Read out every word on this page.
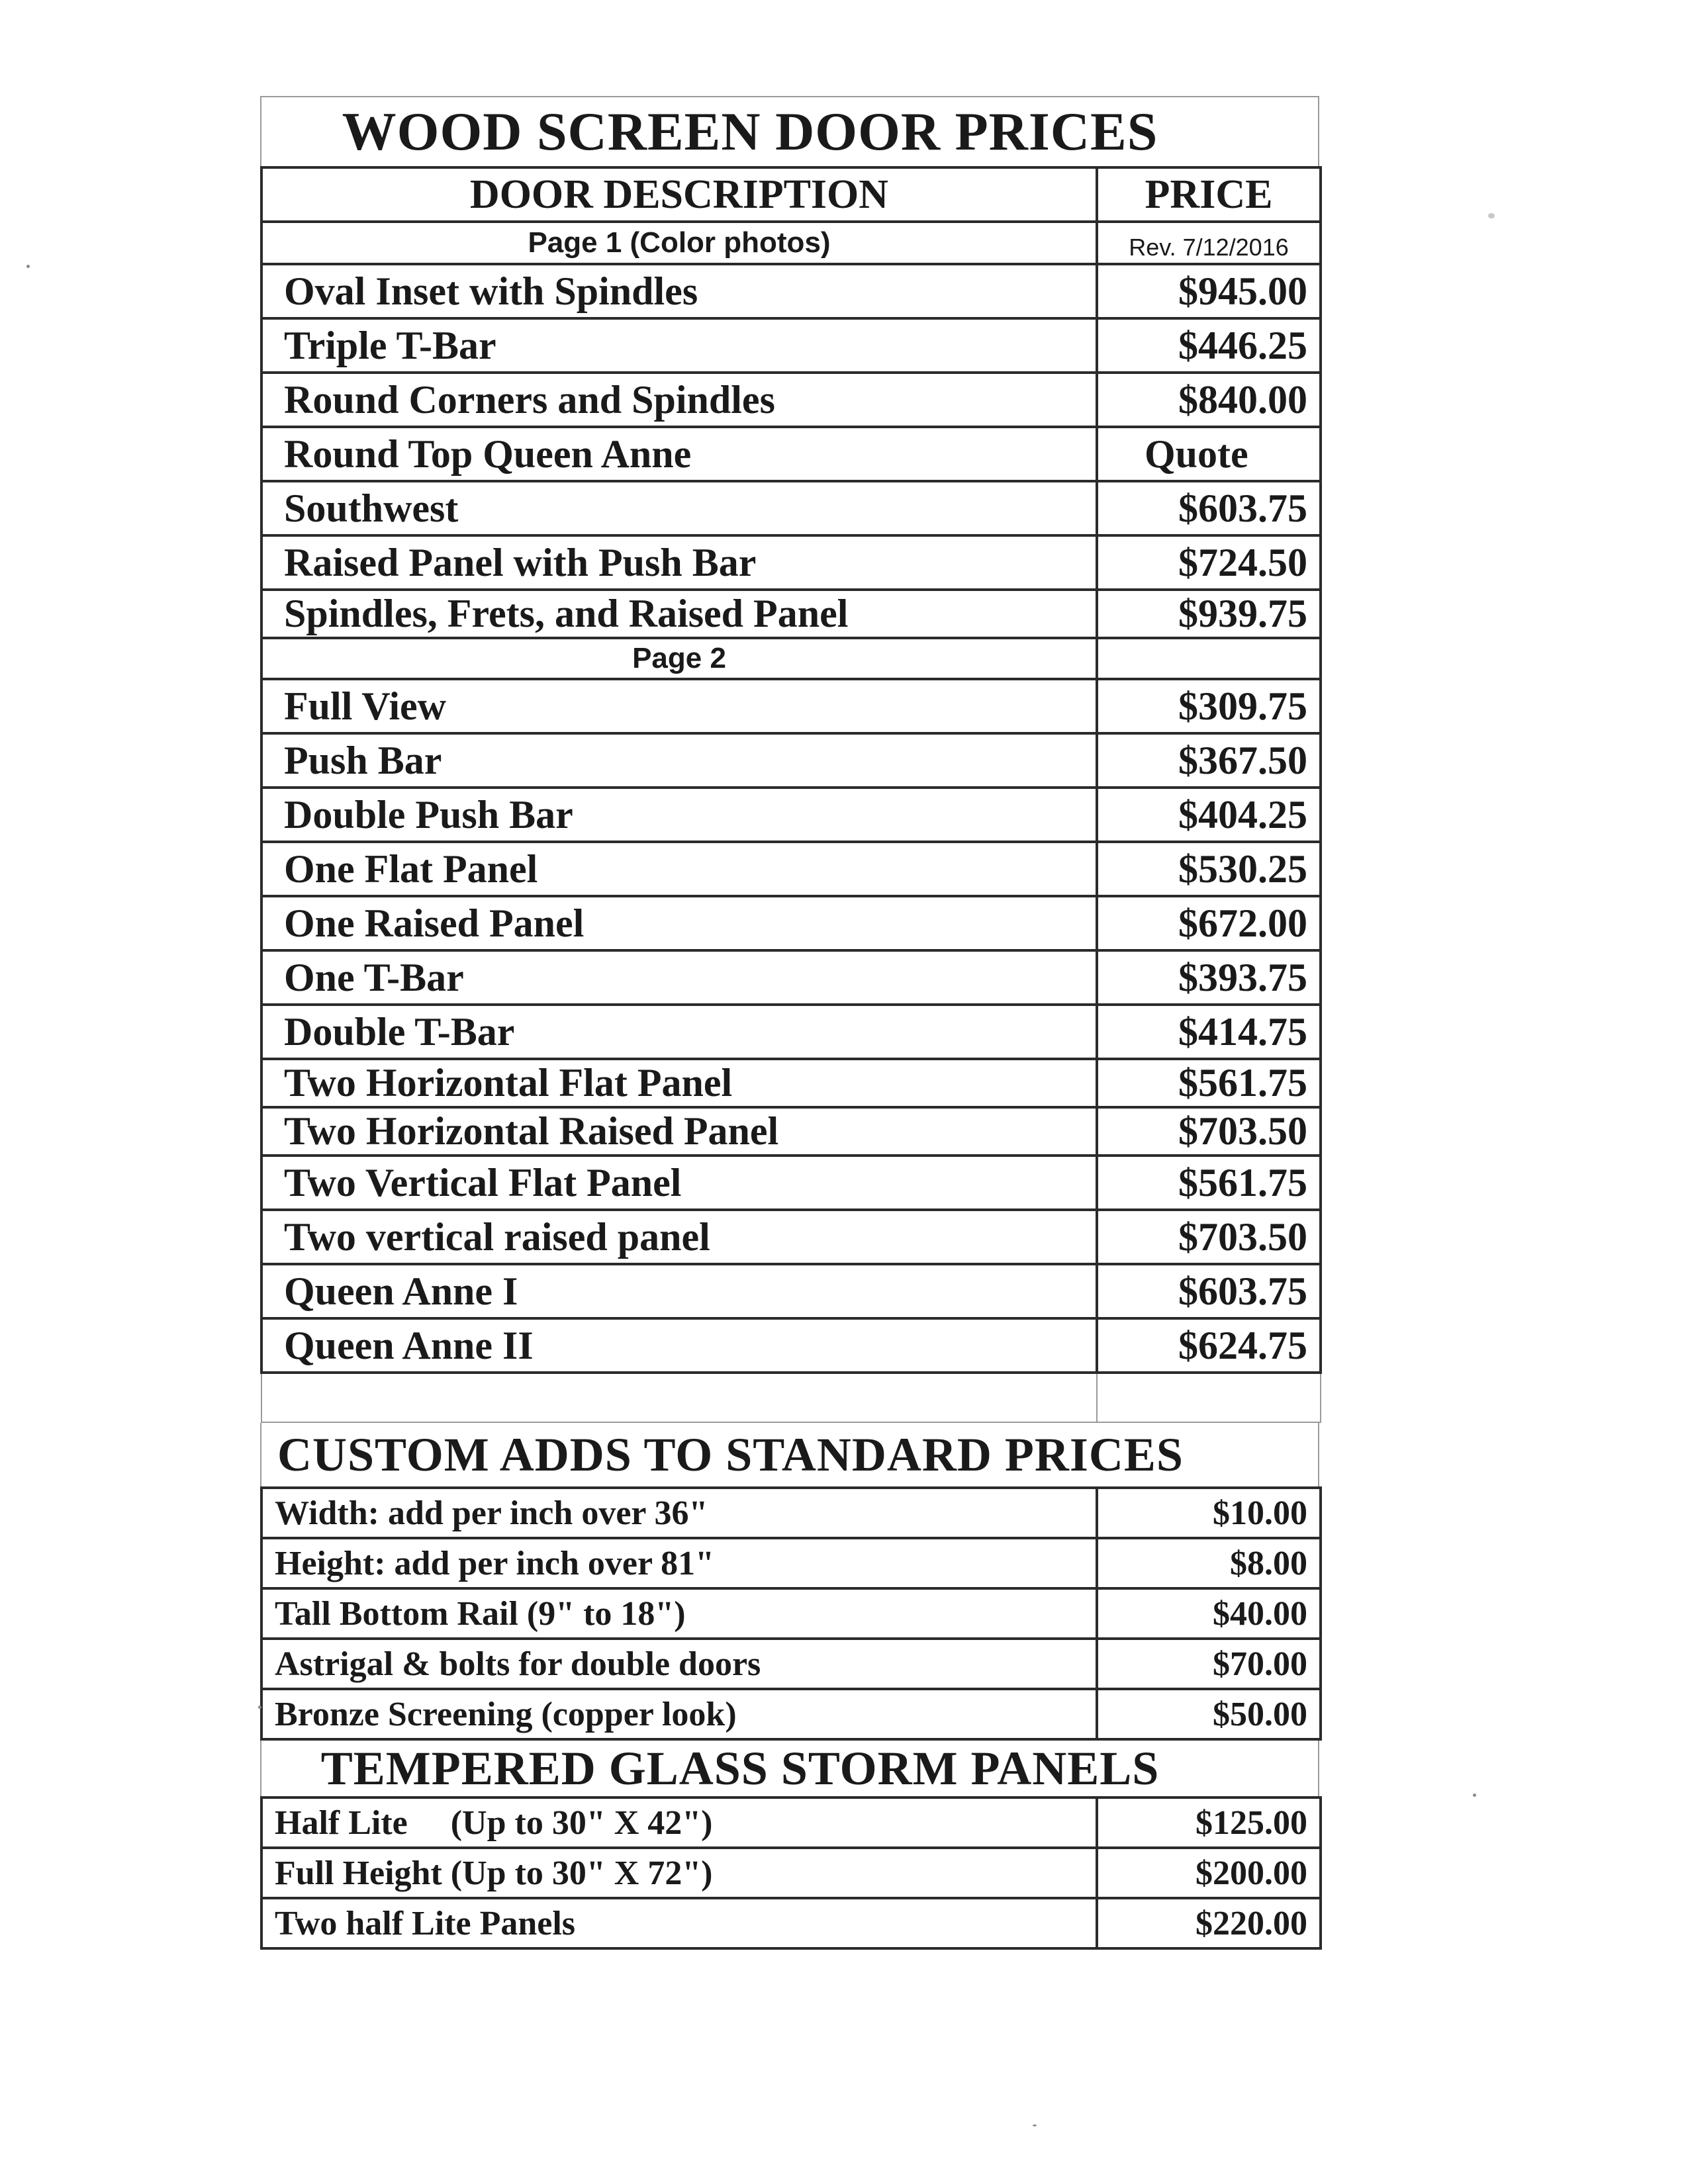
WOOD SCREEN DOOR PRICES
DOOR DESCRIPTION	PRICE
Page 1 (Color photos)	Rev. 7/12/2016
Oval Inset with Spindles	$945.00
Triple T-Bar	$446.25
Round Corners and Spindles	$840.00
Round Top Queen Anne	Quote
Southwest	$603.75
Raised Panel with Push Bar	$724.50
Spindles, Frets, and Raised Panel	$939.75
Page 2	
Full View	$309.75
Push Bar	$367.50
Double Push Bar	$404.25
One Flat Panel	$530.25
One Raised Panel	$672.00
One T-Bar	$393.75
Double T-Bar	$414.75
Two Horizontal Flat Panel	$561.75
Two Horizontal Raised Panel	$703.50
Two Vertical Flat Panel	$561.75
Two vertical raised panel	$703.50
Queen Anne I	$603.75
Queen Anne II	$624.75

CUSTOM ADDS TO STANDARD PRICES
Width: add per inch over 36"	$10.00
Height: add per inch over 81"	$8.00
Tall Bottom Rail (9" to 18")	$40.00
Astrigal & bolts for double doors	$70.00
Bronze Screening (copper look)	$50.00
TEMPERED GLASS STORM PANELS
Half Lite     (Up to 30" X 42")	$125.00
Full Height (Up to 30" X 72")	$200.00
Two half Lite Panels	$220.00
